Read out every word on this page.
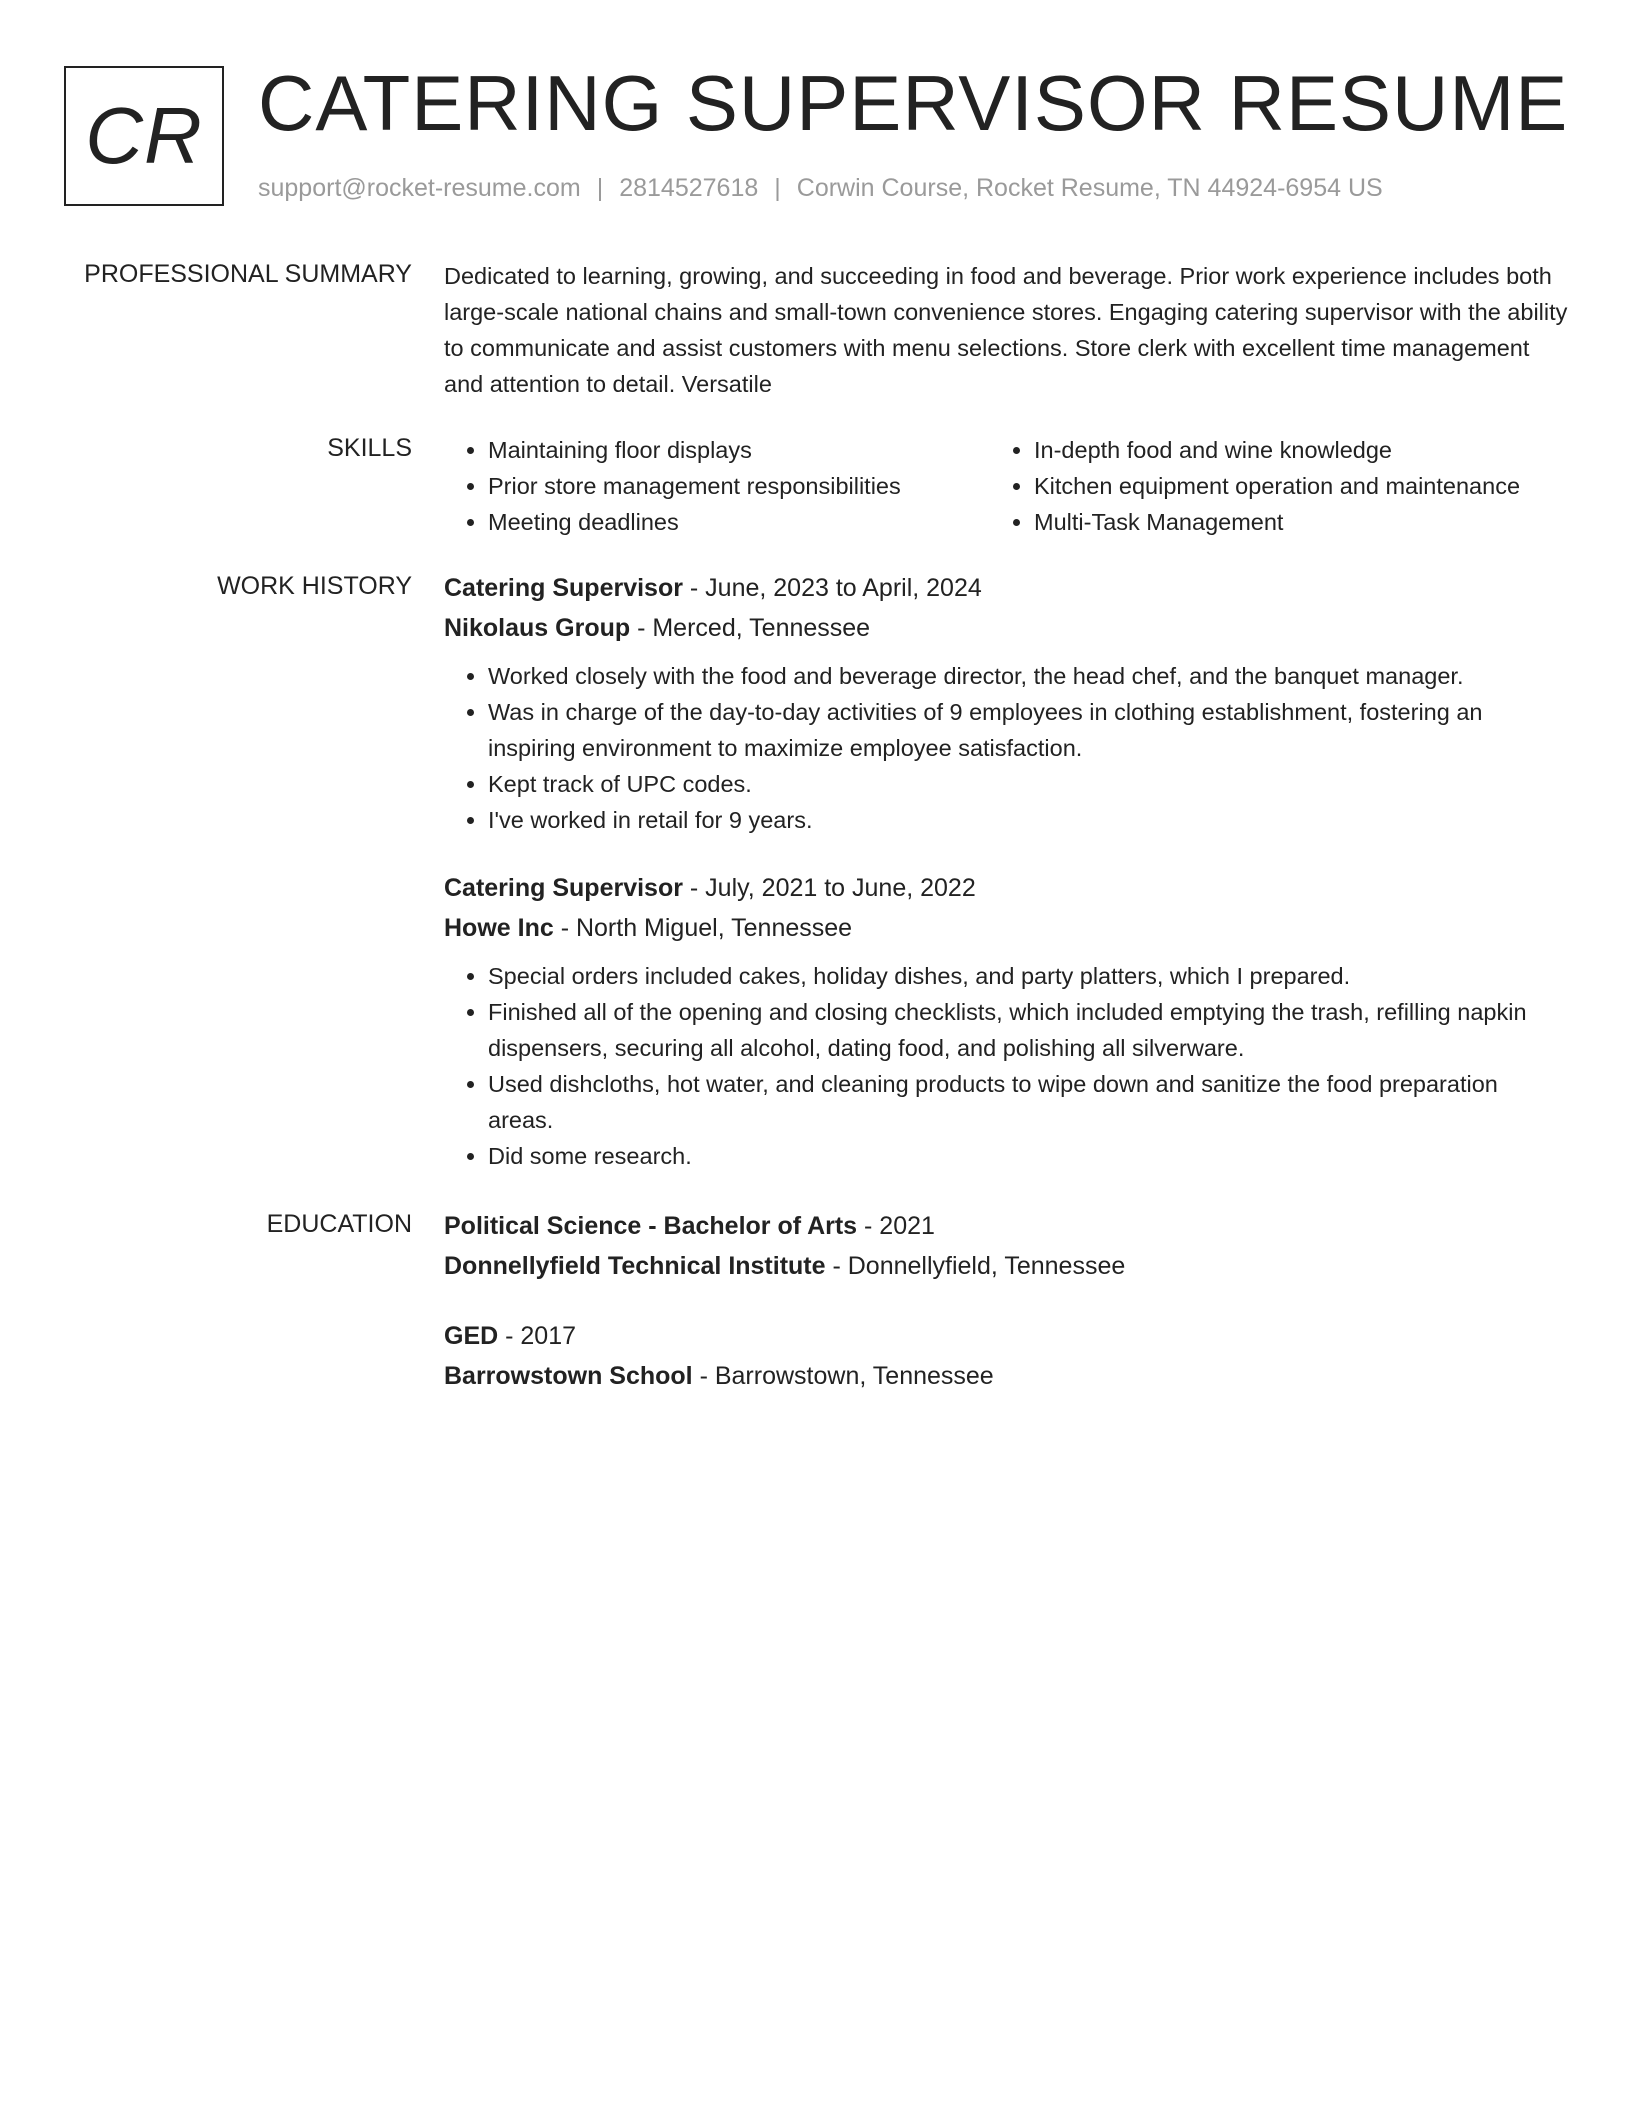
CR CATERING SUPERVISOR RESUME
support@rocket-resume.com | 2814527618 | Corwin Course, Rocket Resume, TN 44924-6954 US
PROFESSIONAL SUMMARY Dedicated to learning, growing, and succeeding in food and beverage. Prior work experience includes both large-scale national chains and small-town convenience stores. Engaging catering supervisor with the ability to communicate and assist customers with menu selections. Store clerk with excellent time management and attention to detail. Versatile

SKILLS
•	Maintaining floor displays
• Prior store management responsibilities
• Meeting deadlines
• In-depth food and wine knowledge
• Kitchen equipment operation and maintenance
• Multi-Task Management
WORK HISTORY Catering Supervisor - June, 2023 to April, 2024
Nikolaus Group - Merced, Tennessee
• Worked closely with the food and beverage director, the head chef, and the banquet manager.
• Was in charge of the day-to-day activities of 9 employees in clothing establishment, fostering an inspiring environment to maximize employee satisfaction.
• Kept track of UPC codes.
• I've worked in retail for 9 years.
Catering Supervisor - July, 2021 to June, 2022
Howe Inc - North Miguel, Tennessee
• Special orders included cakes, holiday dishes, and party platters, which I prepared.
• Finished all of the opening and closing checklists, which included emptying the trash, refilling napkin dispensers, securing all alcohol, dating food, and polishing all silverware.
• Used dishcloths, hot water, and cleaning products to wipe down and sanitize the food preparation areas.
• Did some research.
EDUCATION Political Science - Bachelor of Arts - 2021
Donnellyfield Technical Institute - Donnellyfield, Tennessee
GED - 2017
Barrowstown School - Barrowstown, Tennessee
